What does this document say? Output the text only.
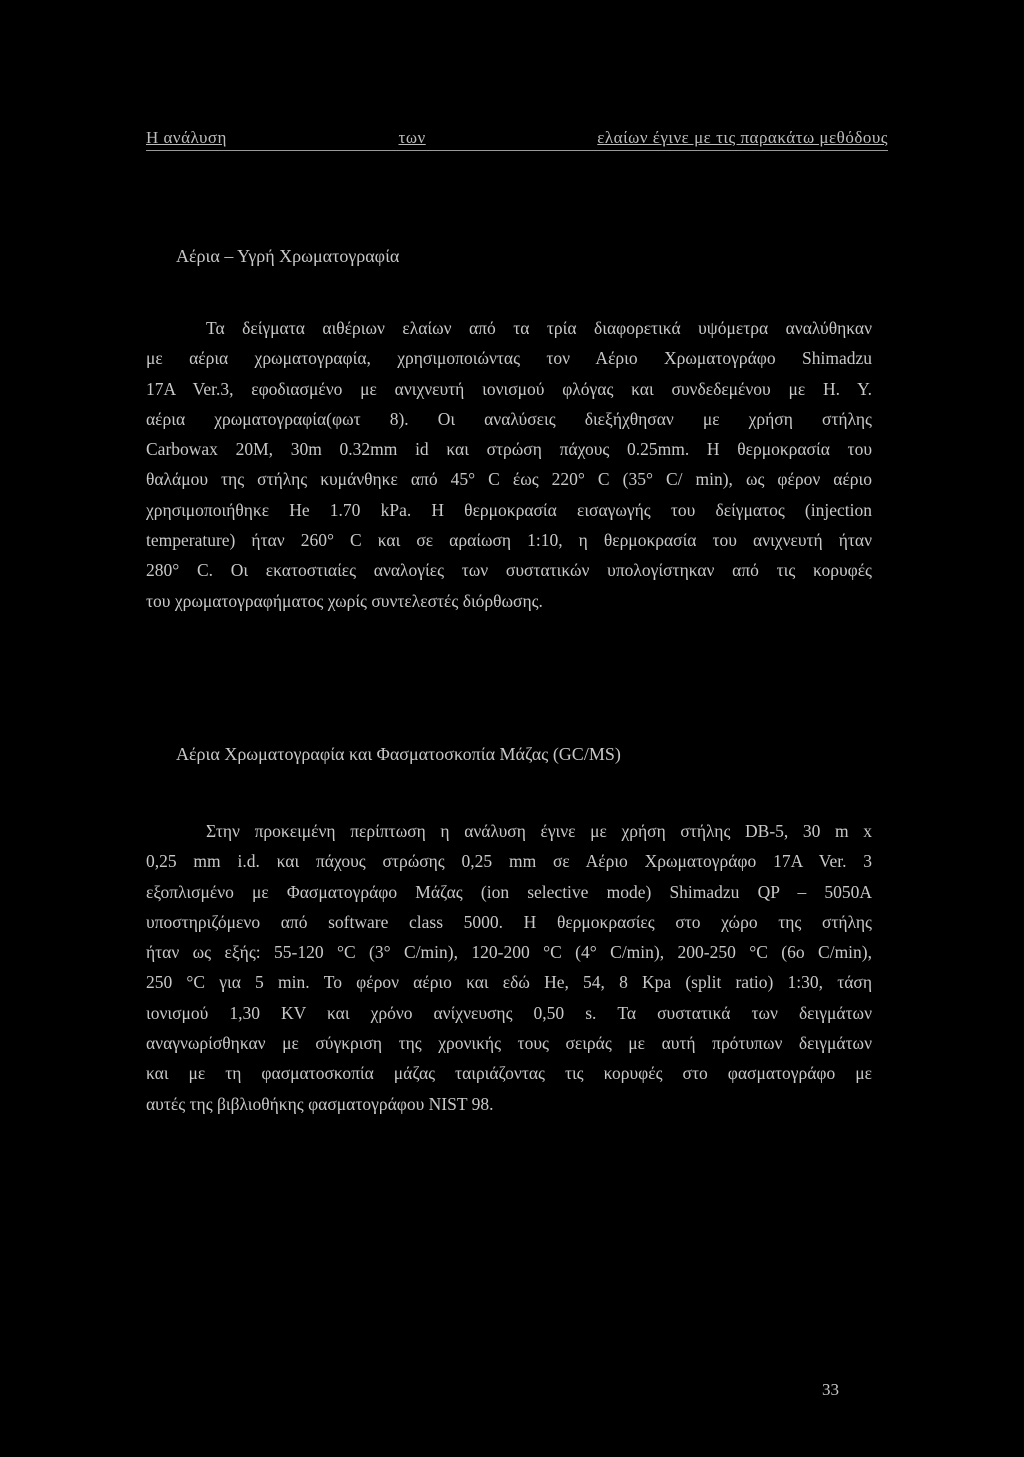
Η ανάλυση	των	ελαίων έγινε με τις παρακάτω μεθόδους
Αέρια – Υγρή Χρωματογραφία
Τα δείγματα αιθέριων ελαίων από τα τρία διαφορετικά υψόμετρα αναλύθηκαν
με αέρια χρωματογραφία, χρησιμοποιώντας τον Αέριο Χρωματογράφο Shimadzu
17A Ver.3, εφοδιασμένο με ανιχνευτή ιονισμού φλόγας και συνδεδεμένου με Η. Υ.
αέρια χρωματογραφία(φωτ 8). Οι αναλύσεις διεξήχθησαν με χρήση στήλης
Carbowax 20M, 30m 0.32mm id και στρώση πάχους 0.25mm. Η θερμοκρασία του
θαλάμου της στήλης κυμάνθηκε από 45° C έως 220° C (35° C/ min), ως φέρον αέριο
χρησιμοποιήθηκε He 1.70 kPa. Η θερμοκρασία εισαγωγής του δείγματος (injection
temperature) ήταν 260° C και σε αραίωση 1:10, η θερμοκρασία του ανιχνευτή ήταν
280° C. Οι εκατοστιαίες αναλογίες των συστατικών υπολογίστηκαν από τις κορυφές
του χρωματογραφήματος χωρίς συντελεστές διόρθωσης.
Αέρια Χρωματογραφία και Φασματοσκοπία Μάζας (GC/MS)
Στην προκειμένη περίπτωση η ανάλυση έγινε με χρήση στήλης DB-5, 30 m x
0,25 mm i.d. και πάχους στρώσης 0,25 mm σε Αέριο Χρωματογράφο 17A Ver. 3
εξοπλισμένο με Φασματογράφο Μάζας (ion selective mode) Shimadzu QP – 5050A
υποστηριζόμενο από software class 5000. Η θερμοκρασίες στο χώρο της στήλης
ήταν ως εξής: 55-120 °C (3° C/min), 120-200 °C (4° C/min), 200-250 °C (6o C/min),
250 °C για 5 min. Το φέρον αέριο και εδώ He, 54, 8 Kpa (split ratio) 1:30, τάση
ιονισμού 1,30 KV και χρόνο ανίχνευσης 0,50 s. Τα συστατικά των δειγμάτων
αναγνωρίσθηκαν με σύγκριση της χρονικής τους σειράς με αυτή πρότυπων δειγμάτων
και με τη φασματοσκοπία μάζας ταιριάζοντας τις κορυφές στο φασματογράφο με
αυτές της βιβλιοθήκης φασματογράφου NIST 98.
33
